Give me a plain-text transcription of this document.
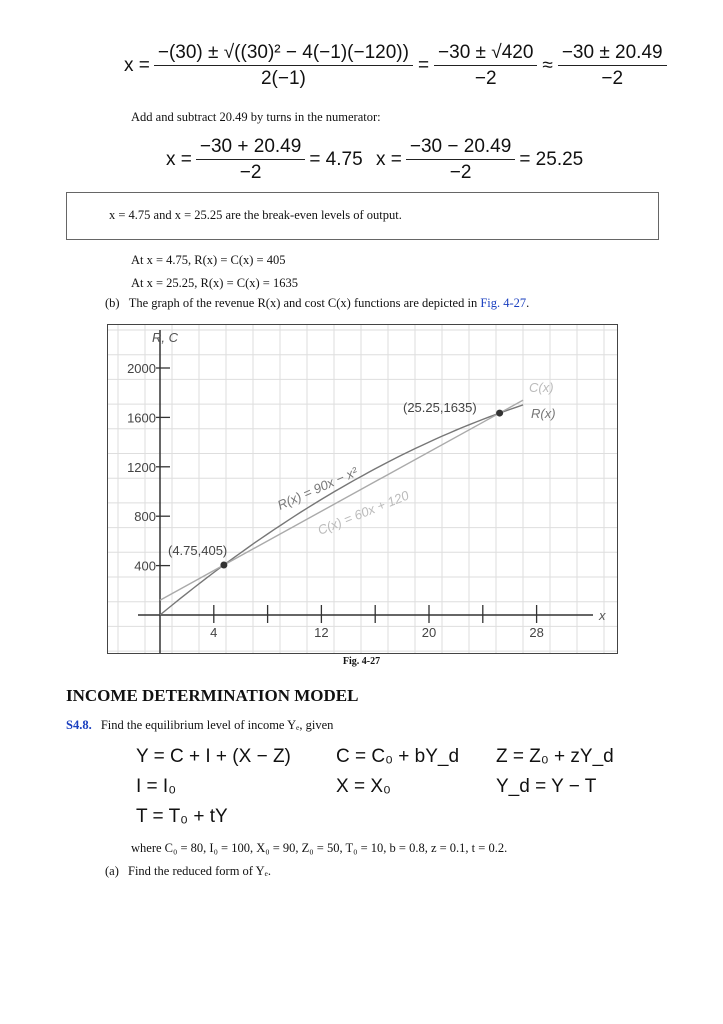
$x = \frac{\text{−(30) ± √((30)² − 4(−1)(−120))}}{2(-1)} = \frac{-30 \pm √420}{-2} \approx \frac{-30 \pm 20.49}{-2}$
Add and subtract 20.49 by turns in the numerator:
$x = \frac{-30 + 20.49}{-2} = 4.75$ $x = \frac{-30 - 20.49}{-2} = 25.25$
x = 4.75 and x = 25.25 are the break-even levels of output.
At x = 4.75, R(x) = C(x) = 405
At x = 25.25, R(x) = C(x) = 1635
(b) The graph of the revenue R(x) and cost C(x) functions are depicted in Fig. 4-27.
R, C
x
400
800
1200
1600
2000
4	12	20	28
R(x) = 90x − x²
C(x) = 60x + 120
C(x)
R(x)
(4.75,405)
(25.25,1635)
Fig. 4-27
INCOME DETERMINATION MODEL
S4.8. Find the equilibrium level of income Yₑ, given
Y = C + I + (X − Z) C = C₀ + bY_d Z = Z₀ + zY_d
I = I₀	X = X₀	Y_d = Y − T
T = T₀ + tY
where C₀ = 80, I₀ = 100, X₀ = 90, Z₀ = 50, T₀ = 10, b = 0.8, z = 0.1, t = 0.2.
(a) Find the reduced form of Yₑ.
